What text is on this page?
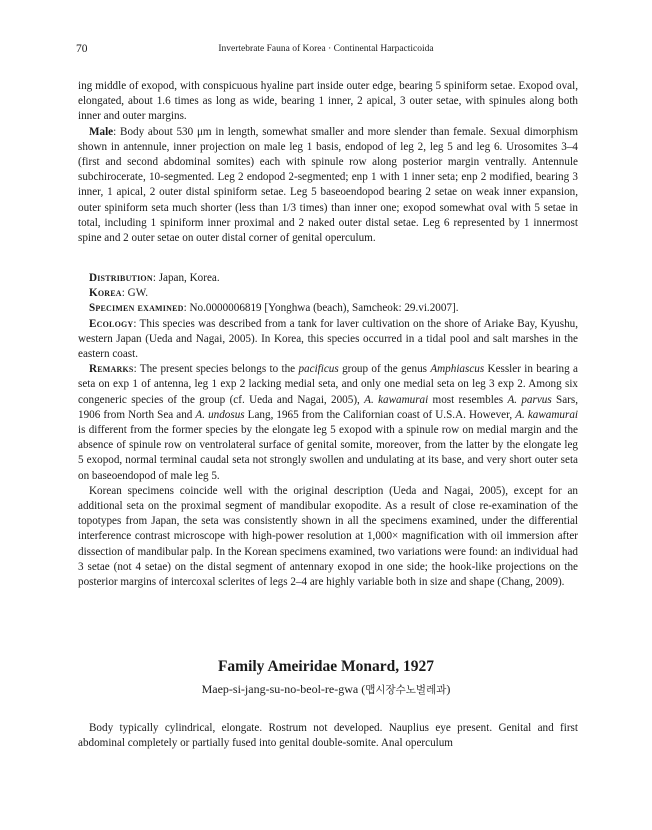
70	Invertebrate Fauna of Korea · Continental Harpacticoida

ing middle of exopod, with conspicuous hyaline part inside outer edge, bearing 5 spiniform setae. Exopod oval, elongated, about 1.6 times as long as wide, bearing 1 inner, 2 apical, 3 outer setae, with spinules along both inner and outer margins.

Male: Body about 530 μm in length, somewhat smaller and more slender than female. Sexual dimorphism shown in antennule, inner projection on male leg 1 basis, endopod of leg 2, leg 5 and leg 6. Urosomites 3–4 (first and second abdominal somites) each with spinule row along posterior margin ventrally. Antennule subchirocerate, 10-segmented. Leg 2 endopod 2-segmented; enp 1 with 1 inner seta; enp 2 modified, bearing 3 inner, 1 apical, 2 outer distal spiniform setae. Leg 5 baseoendopod bearing 2 setae on weak inner expansion, outer spiniform seta much shorter (less than 1/3 times) than inner one; exopod somewhat oval with 5 setae in total, including 1 spiniform inner proximal and 2 naked outer distal setae. Leg 6 represented by 1 innermost spine and 2 outer setae on outer distal corner of genital operculum.

Distribution: Japan, Korea.

Korea: GW.

Specimen examined: No.0000006819 [Yonghwa (beach), Samcheok: 29.vi.2007].

Ecology: This species was described from a tank for laver cultivation on the shore of Ariake Bay, Kyushu, western Japan (Ueda and Nagai, 2005). In Korea, this species occurred in a tidal pool and salt marshes in the eastern coast.

Remarks: The present species belongs to the pacificus group of the genus Amphiascus Kessler in bearing a seta on exp 1 of antenna, leg 1 exp 2 lacking medial seta, and only one medial seta on leg 3 exp 2. Among six congeneric species of the group (cf. Ueda and Nagai, 2005), A. kawamurai most resembles A. parvus Sars, 1906 from North Sea and A. undosus Lang, 1965 from the Californian coast of U.S.A. However, A. kawamurai is different from the former species by the elongate leg 5 exopod with a spinule row on medial margin and the absence of spinule row on ventrolateral surface of genital somite, moreover, from the latter by the elongate leg 5 exopod, normal terminal caudal seta not strongly swollen and undulating at its base, and very short outer seta on baseoendopod of male leg 5.

Korean specimens coincide well with the original description (Ueda and Nagai, 2005), except for an additional seta on the proximal segment of mandibular exopodite. As a result of close re-examination of the topotypes from Japan, the seta was consistently shown in all the specimens examined, under the differential interference contrast microscope with high-power resolution at 1,000× magnification with oil immersion after dissection of mandibular palp. In the Korean specimens examined, two variations were found: an individual had 3 setae (not 4 setae) on the distal segment of antennary exopod in one side; the hook-like projections on the posterior margins of intercoxal sclerites of legs 2–4 are highly variable both in size and shape (Chang, 2009).

Family Ameiridae Monard, 1927
Maep-si-jang-su-no-beol-re-gwa (맵시장수노벌레과)

Body typically cylindrical, elongate. Rostrum not developed. Nauplius eye present. Genital and first abdominal completely or partially fused into genital double-somite. Anal operculum
